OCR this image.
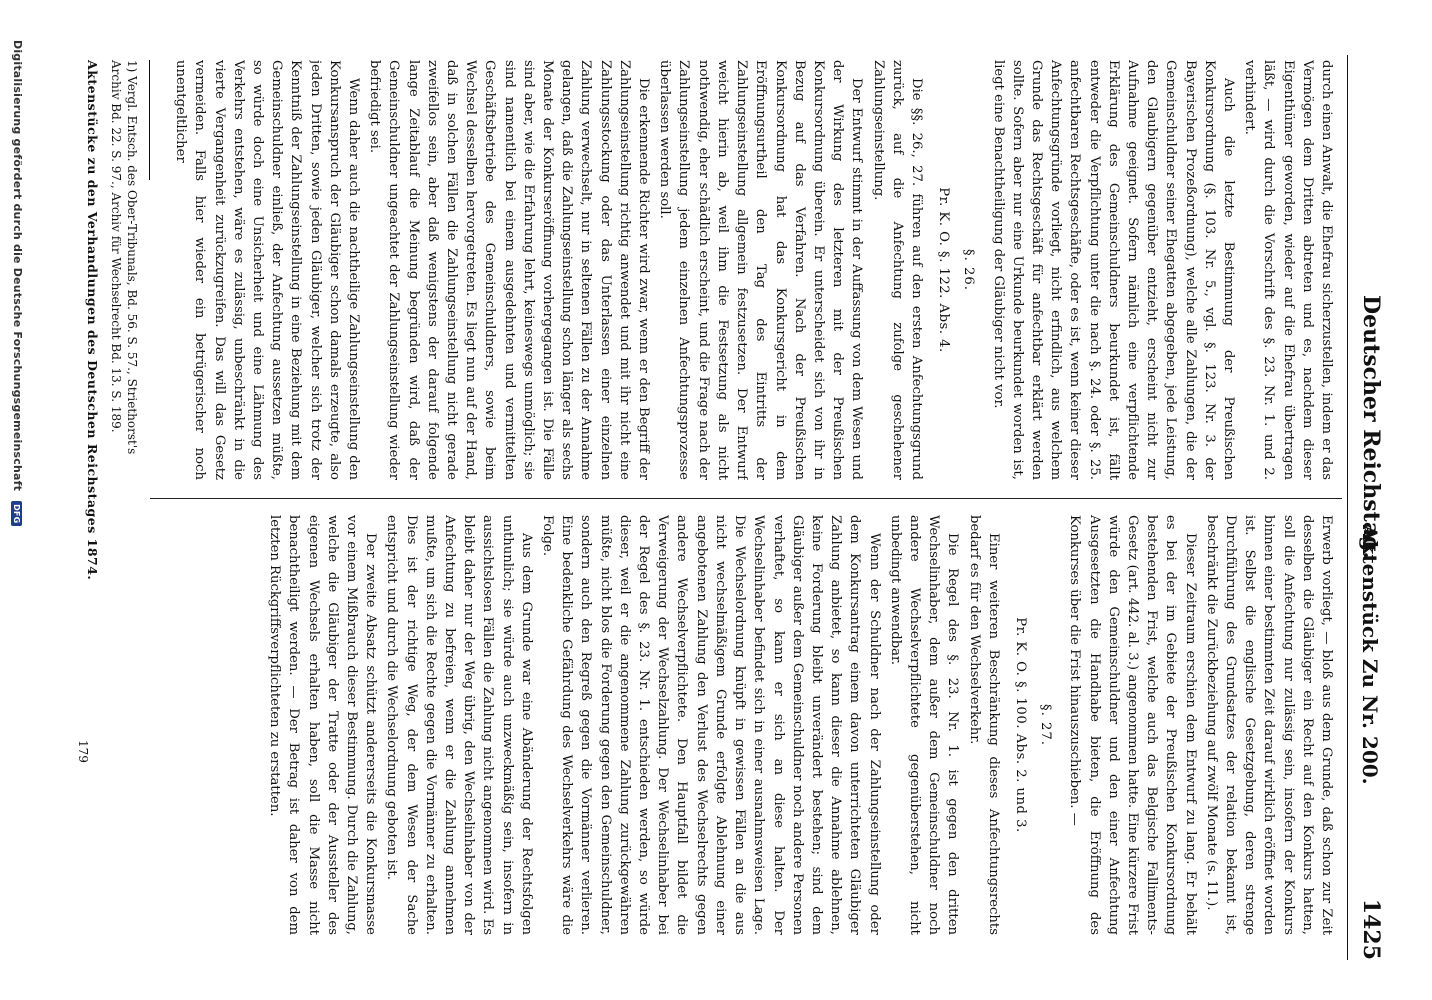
Deutscher Reichstag.
Aktenstück Zu Nr. 200.
1425

durch einen Anwalt, die Ehefrau sicherzustellen, indem er das Vermögen dem Dritten abtreten und es, nachdem dieser Eigenthümer geworden, wieder auf die Ehefrau übertragen läßt, — wird durch die Vorschrift des §. 23. Nr. 1. und 2. verhindert.

Auch die letzte Bestimmung der Preußischen Konkursordnung (§. 103. Nr. 5., vgl. §. 123. Nr. 3. der Bayerischen Prozeßordnung), welche alle Zahlungen, die der Gemeinschuldner seiner Ehegatten abgegeben, jede Leistung, den Glaubigern gegenüber entzieht, erscheint nicht zur Aufnahme geeignet. Sofern nämlich eine verpflichtende Erklärung des Gemeinschuldners beurkundet ist, fällt entweder die Verpflichtung unter die nach §. 24. oder §. 25. anfechtbaren Rechtsgeschäfte, oder es ist, wenn keiner dieser Anfechtungsgründe vorliegt, nicht erfindlich, aus welchem Grunde das Rechtsgeschäft für anfechtbar erklärt werden sollte. Sofern aber nur eine Urkunde beurkundet worden ist, liegt eine Benachtheiligung der Gläubiger nicht vor.

§. 26.

Pr. K. O. §. 122. Abs. 4.

Die §§. 26., 27. führen auf den ersten Anfechtungsgrund zurück, auf die Anfechtung zufolge geschehener Zahlungseinstellung.

Der Entwurf stimmt in der Auffassung von dem Wesen und der Wirkung des letzteren mit der Preußischen Konkursordnung überein. Er unterscheidet sich von ihr in Bezug auf das Verfahren. Nach der Preußischen Konkursordnung hat das Konkursgericht in dem Eröffnungsurtheil den Tag des Eintritts der Zahlungseinstellung allgemein festzusetzen. Der Entwurf weicht hierin ab, weil ihm die Festsetzung als nicht nothwendig, eher schädlich erscheint, und die Frage nach der Zahlungseinstellung jedem einzelnen Anfechtungsprozesse überlassen werden soll.

Die erkennende Richter wird zwar, wenn er den Begriff der Zahlungseinstellung richtig anwendet und mit ihr nicht eine Zahlungsstockung oder das Unterlassen einer einzelnen Zahlung verwechselt, nur in seltenen Fällen zu der Annahme gelangen, daß die Zahlungseinstellung schon länger als sechs Monate der Konkurseröffnung vorhergegangen ist. Die Fälle sind aber, wie die Erfahrung lehrt, keineswegs unmöglich; sie sind namentlich bei einem ausgedehnten und vermittelten Geschäftsbetriebe des Gemeinschuldners, sowie beim Wechsel desselben hervorgetreten. Es liegt nun auf der Hand, daß in solchen Fällen die Zahlungseinstellung nicht gerade zweifellos sein, aber daß wenigstens der darauf folgende lange Zeitablauf die Meinung begründen wird, daß der Gemeinschuldner ungeachtet der Zahlungseinstellung wieder befriedigt sei.

Wenn daher auch die nachtheilige Zahlungseinstellung den Konkursanspruch der Gläubiger schon damals erzeugte, also jeden Dritten, sowie jeden Gläubiger, welcher sich trotz der Kenntniß der Zahlungseinstellung in eine Beziehung mit dem Gemeinschuldner einließ, der Anfechtung aussetzen müßte, so würde doch eine Unsicherheit und eine Lähmung des Verkehrs entstehen, wäre es zulässig, unbeschränkt in die vierte Vergangenheit zurückzugreifen. Das will das Gesetz vermeiden. Falls hier wieder ein betrügerischer noch unentgeltlicher

Erwerb vorliegt, — bloß aus dem Grunde, daß schon zur Zeit desselben die Gläubiger ein Recht auf den Konkurs hatten, soll die Anfechtung nur zulässig sein, insofern der Konkurs binnen einer bestimmten Zeit darauf wirklich eröffnet worden ist. Selbst die englische Gesetzgebung, deren strenge Durchführung des Grundsatzes der relation bekannt ist, beschränkt die Zurückbeziehung auf zwölf Monate (s. 11.).

Dieser Zeitraum erschien dem Entwurf zu lang. Er behält es bei der im Gebiete der Preußischen Konkursordnung bestehenden Frist, welche auch das Belgische Falliments-Gesetz (art. 442. al. 3.) angenommen hatte. Eine kürzere Frist würde den Gemeinschuldner und den einer Anfechtung Ausgesetzten die Handhabe bieten, die Eröffnung des Konkurses über die Frist hinauszuschieben. —

§. 27.

Pr. K. O. §. 100. Abs. 2. und 3.

Einer weiteren Beschränkung dieses Anfechtungsrechts bedarf es für den Wechselverkehr.

Die Regel des §. 23. Nr. 1. ist gegen den dritten Wechselinhaber, dem außer dem Gemeinschuldner noch andere Wechselverpflichtete gegenüberstehen, nicht unbedingt anwendbar.

Wenn der Schuldner nach der Zahlungseinstellung oder dem Konkursantrag einem davon unterrichteten Gläubiger Zahlung anbietet, so kann dieser die Annahme ablehnen, keine Forderung bleibt unverändert bestehen; sind dem Gläubiger außer dem Gemeinschuldner noch andere Personen verhaftet, so kann er sich an diese halten. Der Wechselinhaber befindet sich in einer ausnahmsweisen Lage. Die Wechselordnung knüpft in gewissen Fällen an die aus nicht wechselmäßigem Grunde erfolgte Ablehnung einer angebotenen Zahlung den Verlust des Wechselrechts gegen andere Wechselverpflichtete. Den Hauptfall bildet die Verweigerung der Wechselzahlung. Der Wechselinhaber bei der Regel des §. 23. Nr. 1. entschieden werden, so würde dieser, weil er die angenommene Zahlung zurückgewähren müßte, nicht blos die Forderung gegen den Gemeinschuldner, sondern auch den Regreß gegen die Vormänner verlieren. Eine bedenkliche Gefährdung des Wechselverkehrs wäre die Folge.

Aus dem Grunde war eine Abänderung der Rechtsfolgen unthunlich; sie würde auch unzweckmäßig sein, insofern in aussichtslosen Fällen die Zahlung nicht angenommen wird. Es bleibt daher nur der Weg übrig, den Wechselinhaber von der Anfechtung zu befreien, wenn er die Zahlung annehmen mußte, um sich die Rechte gegen die Vormänner zu erhalten. Dies ist der richtige Weg, der dem Wesen der Sache entspricht und durch die Wechselordnung geboten ist.

Der zweite Absatz schützt andererseits die Konkursmasse vor einem Mißbrauch dieser Bestimmung. Durch die Zahlung, welche die Gläubiger der Tratte oder der Aussteller des eigenen Wechsels erhalten haben, soll die Masse nicht benachtheiligt werden. — Der Betrag ist daher von dem letzten Rückgriffsverpflichteten zu erstatten.

1) Vergl. Entsch. des Ober-Tribunals, Bd. 56. S. 57., Striethorst's Archiv Bd. 22. S. 97., Archiv für Wechselrecht Bd. 13. S. 189.

Aktenstücke zu den Verhandlungen des Deutschen Reichstages 1874.
179
Digitalisierung gefördert durch die Deutsche Forschungsgemeinschaft DFG
